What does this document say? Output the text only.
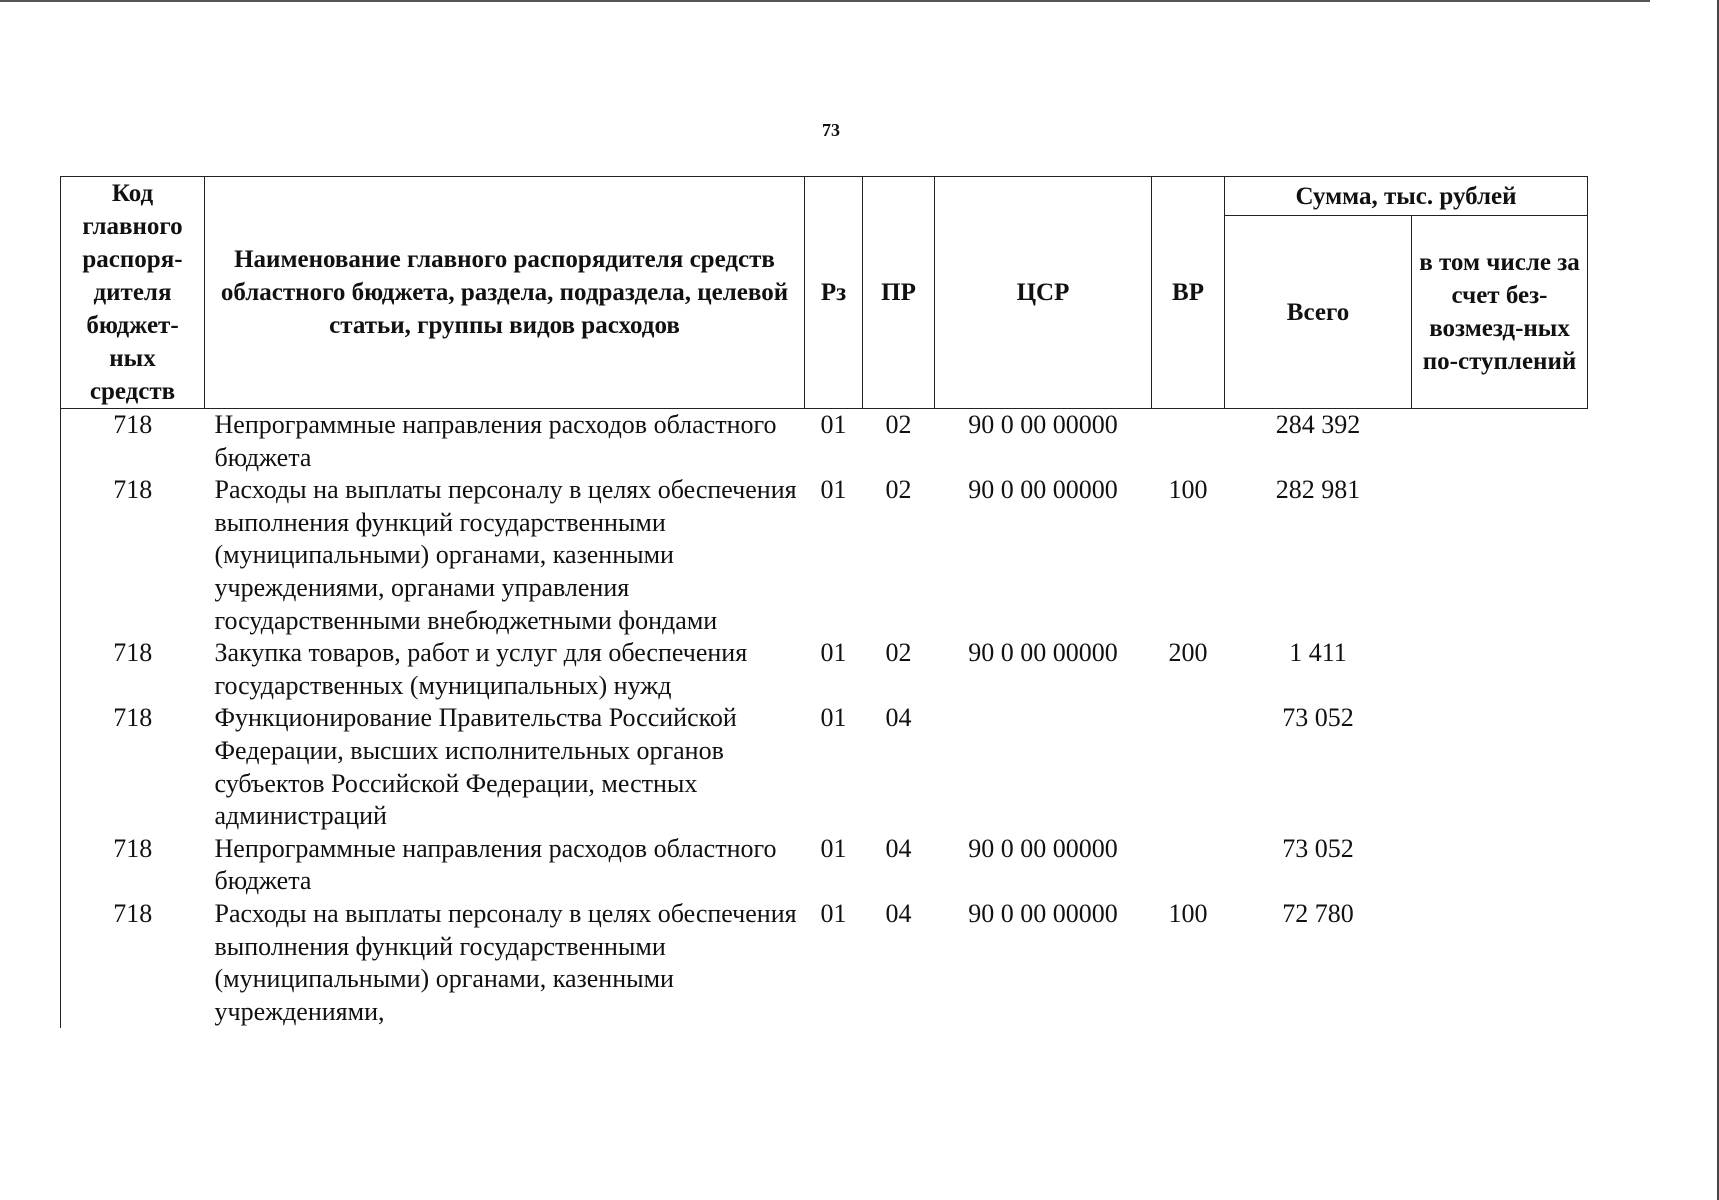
73
Код главного распоря-дителя бюджет-ных средств	Наименование главного распорядителя средств областного бюджета, раздела, подраздела, целевой статьи, группы видов расходов	Рз	ПР	ЦСР	ВР	Сумма, тыс. рублей	
						Всего	в том числе за счет без-возмезд-ных по-ступлений
718	Непрограммные направления расходов областного бюджета	01	02	90 0 00 00000		284 392	
718	Расходы на выплаты персоналу в целях обеспечения выполнения функций государственными (муниципальными) органами, казенными учреждениями, органами управления государственными внебюджетными фондами	01	02	90 0 00 00000	100	282 981	
718	Закупка товаров, работ и услуг для обеспечения государственных (муниципальных) нужд	01	02	90 0 00 00000	200	1 411	
718	Функционирование Правительства Российской Федерации, высших исполнительных органов субъектов Российской Федерации, местных администраций	01	04			73 052	
718	Непрограммные направления расходов областного бюджета	01	04	90 0 00 00000		73 052	
718	Расходы на выплаты персоналу в целях обеспечения выполнения функций государственными (муниципальными) органами, казенными учреждениями,	01	04	90 0 00 00000	100	72 780	
